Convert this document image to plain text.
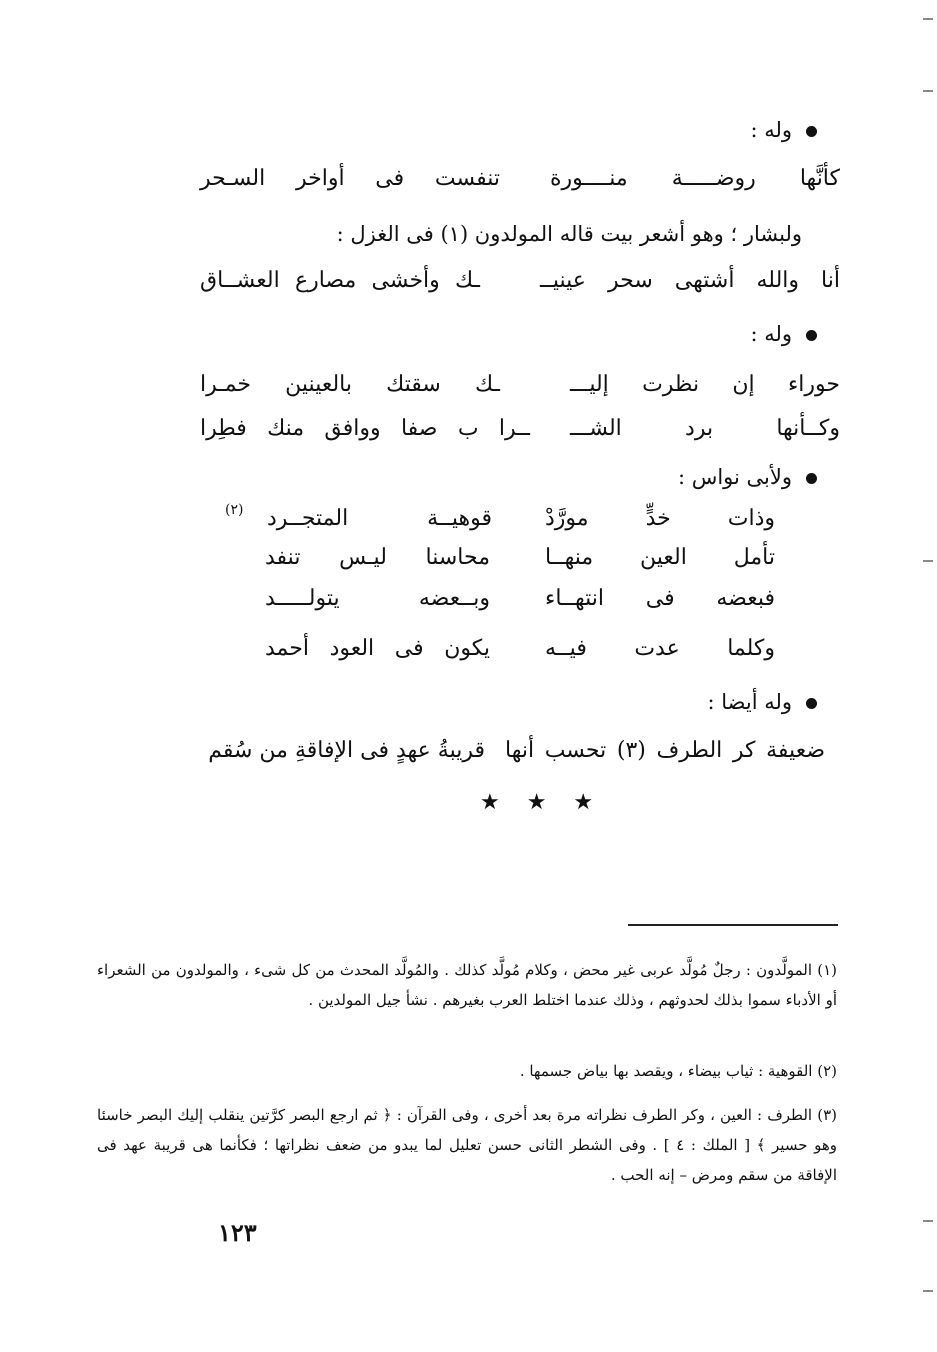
وله :
كأنَّها روضـــــة منــــورة
تنفست فى أواخر السـحر
ولبشار ؛ وهو أشعر بيت قاله المولدون (١) فى الغزل :
أنا والله أشتهى سحر عينيــ
ـك وأخشى مصارع العشــاق
وله :
حوراء إن نظرت إليـــ
ـك سقتك بالعينين خمـرا
وكــأنها برد الشـــ
ــرا ب صفا ووافق منك فطِرا
ولأبى نواس :
وذات خدٍّ مورَّدْ
قوهيــة المتجــرد
(٢)
تأمل العين منهــا
محاسنا ليـس تنفد
فبعضه فى انتهــاء
وبــعضه يتولـــــد
وكلما عدت فيــه
يكون فى العود أحمد
وله أيضا :
ضعيفة كر الطرف (٣) تحسب أنها
قريبةُ عهدٍ فى الإفاقةِ من سُقم
★ ★ ★
(١) المولَّدون : رجلٌ مُولَّد عربى غير محض ، وكلام مُولَّد كذلك . والمُولَّد المحدث من كل شىء ، والمولدون من الشعراء أو الأدباء سموا بذلك لحدوثهم ، وذلك عندما اختلط العرب بغيرهم . نشأ جيل المولدين .
(٢) القوهية : ثياب بيضاء ، ويقصد بها بياض جسمها .
(٣) الطرف : العين ، وكر الطرف نظراته مرة بعد أخرى ، وفى القرآن : ﴿ ثم ارجع البصر كرَّتين ينقلب إليك البصر خاسئا وهو حسير ﴾ [ الملك : ٤ ] . وفى الشطر الثانى حسن تعليل لما يبدو من ضعف نظراتها ؛ فكأنما هى قريبة عهد فى الإفاقة من سقم ومرض – إنه الحب .
١٢٣
